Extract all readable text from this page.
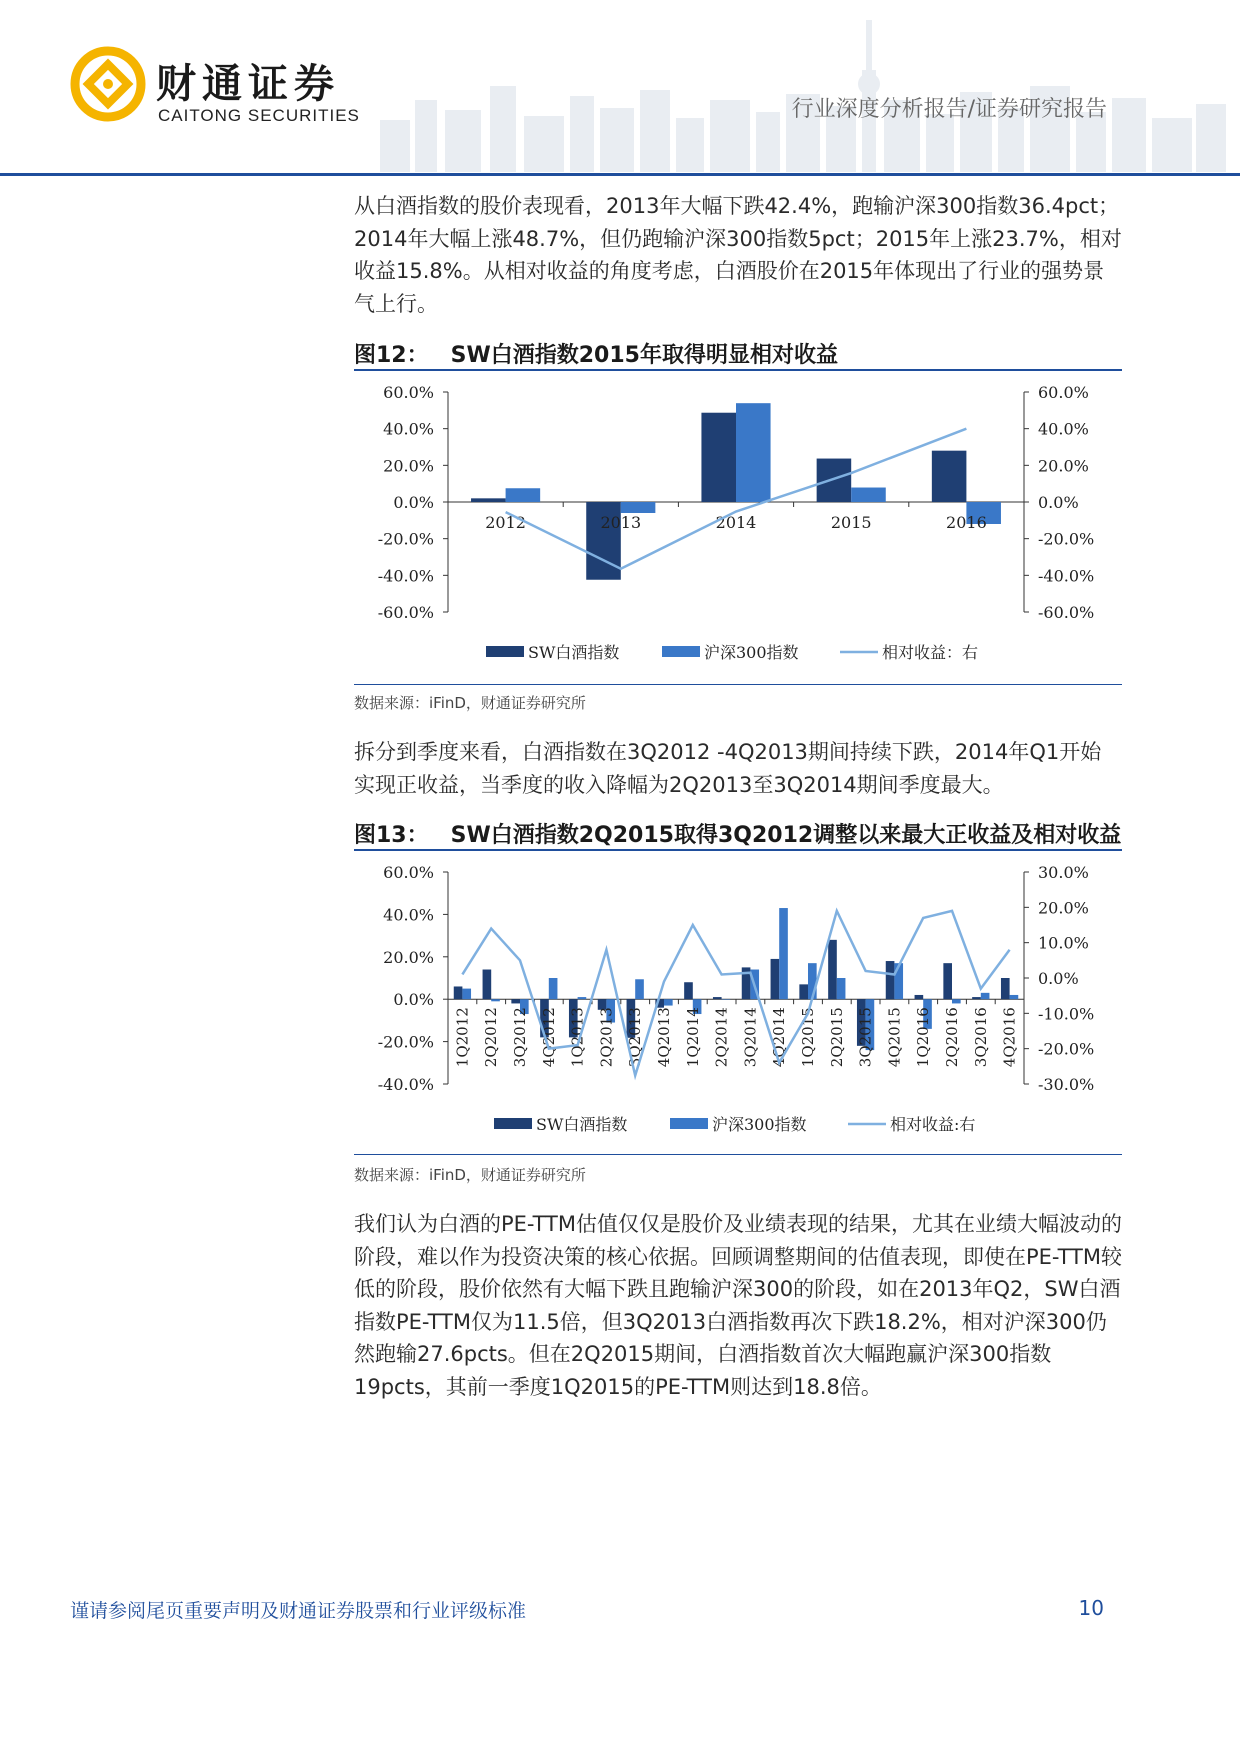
财通证券
CAITONG SECURITIES	行业深度分析报告/证券研究报告
从白酒指数的股价表现看，2013年大幅下跌42.4%，跑输沪深300指数36.4pct；2014年大幅上涨48.7%，但仍跑输沪深300指数5pct；2015年上涨23.7%，相对收益15.8%。从相对收益的角度考虑，白酒股价在2015年体现出了行业的强势景气上行。
图12： SW白酒指数2015年取得明显相对收益
60.0%
40.0%
20.0%
0.0%
-20.0%
-40.0%
-60.0%
60.0%
40.0%
20.0%
0.0%
-20.0%
-40.0%
-60.0%
2012	2013	2014	2015	2016
SW白酒指数	沪深300指数	相对收益：右
数据来源：iFinD，财通证券研究所
拆分到季度来看，白酒指数在3Q2012 -4Q2013期间持续下跌，2014年Q1开始实现正收益，当季度的收入降幅为2Q2013至3Q2014期间季度最大。
图13： SW白酒指数2Q2015取得3Q2012调整以来最大正收益及相对收益
60.0%
40.0%
20.0%
0.0%
-20.0%
-40.0%
30.0%
20.0%
10.0%
0.0%
-10.0%
-20.0%
-30.0%
1Q2012 2Q2012 3Q2012 4Q2012 1Q2013 2Q2013 3Q2013 4Q2013 1Q2014 2Q2014 3Q2014 4Q2014 1Q2015 2Q2015 3Q2015 4Q2015 1Q2016 2Q2016 3Q2016 4Q2016
SW白酒指数	沪深300指数	相对收益:右
数据来源：iFinD，财通证券研究所
我们认为白酒的PE-TTM估值仅仅是股价及业绩表现的结果，尤其在业绩大幅波动的阶段，难以作为投资决策的核心依据。回顾调整期间的估值表现，即使在PE-TTM较低的阶段，股价依然有大幅下跌且跑输沪深300的阶段，如在2013年Q2，SW白酒指数PE-TTM仅为11.5倍，但3Q2013白酒指数再次下跌18.2%，相对沪深300仍然跑输27.6pcts。但在2Q2015期间，白酒指数首次大幅跑赢沪深300指数19pcts，其前一季度1Q2015的PE-TTM则达到18.8倍。
谨请参阅尾页重要声明及财通证券股票和行业评级标准	10
